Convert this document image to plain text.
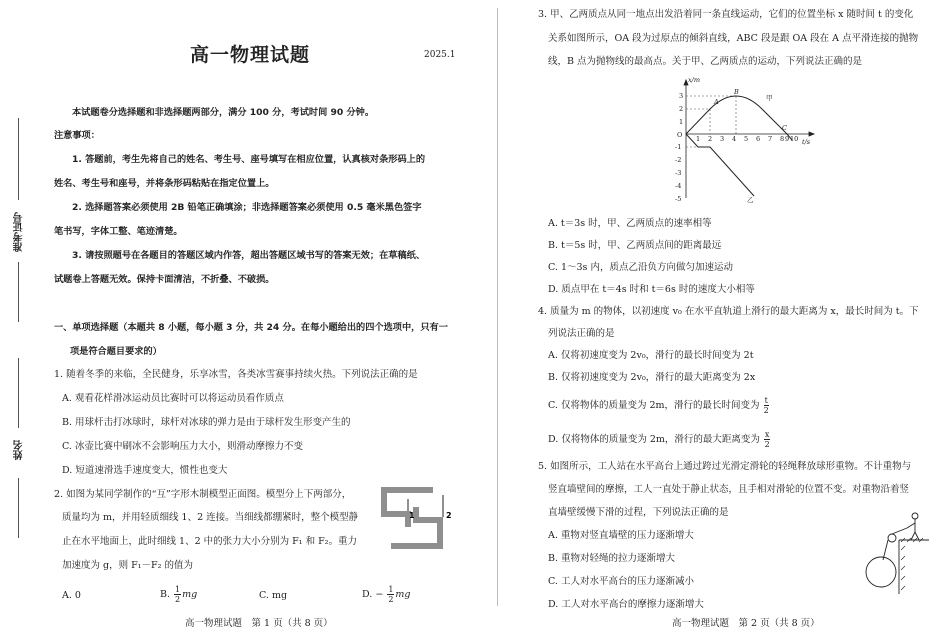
准考证号
姓名
高一物理试题	2025.1
本试题卷分选择题和非选择题两部分，满分 100 分，考试时间 90 分钟。
注意事项：
1. 答题前，考生先将自己的姓名、考生号、座号填写在相应位置，认真核对条形码上的
姓名、考生号和座号，并将条形码粘贴在指定位置上。
2. 选择题答案必须使用 2B 铅笔正确填涂；非选择题答案必须使用 0.5 毫米黑色签字
笔书写，字体工整、笔迹清楚。
3. 请按照题号在各题目的答题区域内作答，超出答题区域书写的答案无效；在草稿纸、
试题卷上答题无效。保持卡面清洁，不折叠、不破损。
一、单项选择题（本题共 8 小题，每小题 3 分，共 24 分。在每小题给出的四个选项中，只有一
项是符合题目要求的）
1. 随着冬季的来临，全民健身，乐享冰雪，各类冰雪赛事持续火热。下列说法正确的是
A. 观看花样滑冰运动员比赛时可以将运动员看作质点
B. 用球杆击打冰球时，球杆对冰球的弹力是由于球杆发生形变产生的
C. 冰壶比赛中刷冰不会影响压力大小，则滑动摩擦力不变
D. 短道速滑选手速度变大，惯性也变大
2. 如图为某同学制作的“互”字形木制模型正面图。模型分上下两部分，
质量均为 m，并用轻质细线 1、2 连接。当细线都绷紧时，整个模型静
止在水平地面上，此时细线 1、2 中的张力大小分别为 F₁ 和 F₂。重力
加速度为 g，则 F₁－F₂ 的值为
1	2
A. 0	B. $\frac{1}{2}$ mg	C. mg	D. − $\frac{1}{2}$ mg
高一物理试题　第 1 页（共 8 页）
3. 甲、乙两质点从同一地点出发沿着同一条直线运动，它们的位置坐标 x 随时间 t 的变化
关系如图所示，OA 段为过原点的倾斜直线，ABC 段是跟 OA 段在 A 点平滑连接的抛物
线，B 点为抛物线的最高点。关于甲、乙两质点的运动，下列说法正确的是
x/m
t/s
O
3
2
1
-1
-2
-3
-4
-5
1 2 3 4 5 6 7 8 9 10
A
B
C
甲
乙
A. t＝3s 时，甲、乙两质点的速率相等
B. t＝5s 时，甲、乙两质点间的距离最远
C. 1～3s 内，质点乙沿负方向做匀加速运动
D. 质点甲在 t＝4s 时和 t＝6s 时的速度大小相等
4. 质量为 m 的物体，以初速度 v₀ 在水平直轨道上滑行的最大距离为 x，最长时间为 t。下
列说法正确的是
A. 仅将初速度变为 2v₀，滑行的最长时间变为 2t
B. 仅将初速度变为 2v₀，滑行的最大距离变为 2x
C. 仅将物体的质量变为 2m，滑行的最长时间变为 $\frac{t}{2}$
D. 仅将物体的质量变为 2m，滑行的最大距离变为 $\frac{x}{2}$
5. 如图所示，工人站在水平高台上通过跨过光滑定滑轮的轻绳释放球形重物。不计重物与
竖直墙壁间的摩擦，工人一直处于静止状态，且手相对滑轮的位置不变。对重物沿着竖
直墙壁缓慢下滑的过程，下列说法正确的是
A. 重物对竖直墙壁的压力逐渐增大
B. 重物对轻绳的拉力逐渐增大
C. 工人对水平高台的压力逐渐减小
D. 工人对水平高台的摩擦力逐渐增大
高一物理试题　第 2 页（共 8 页）
